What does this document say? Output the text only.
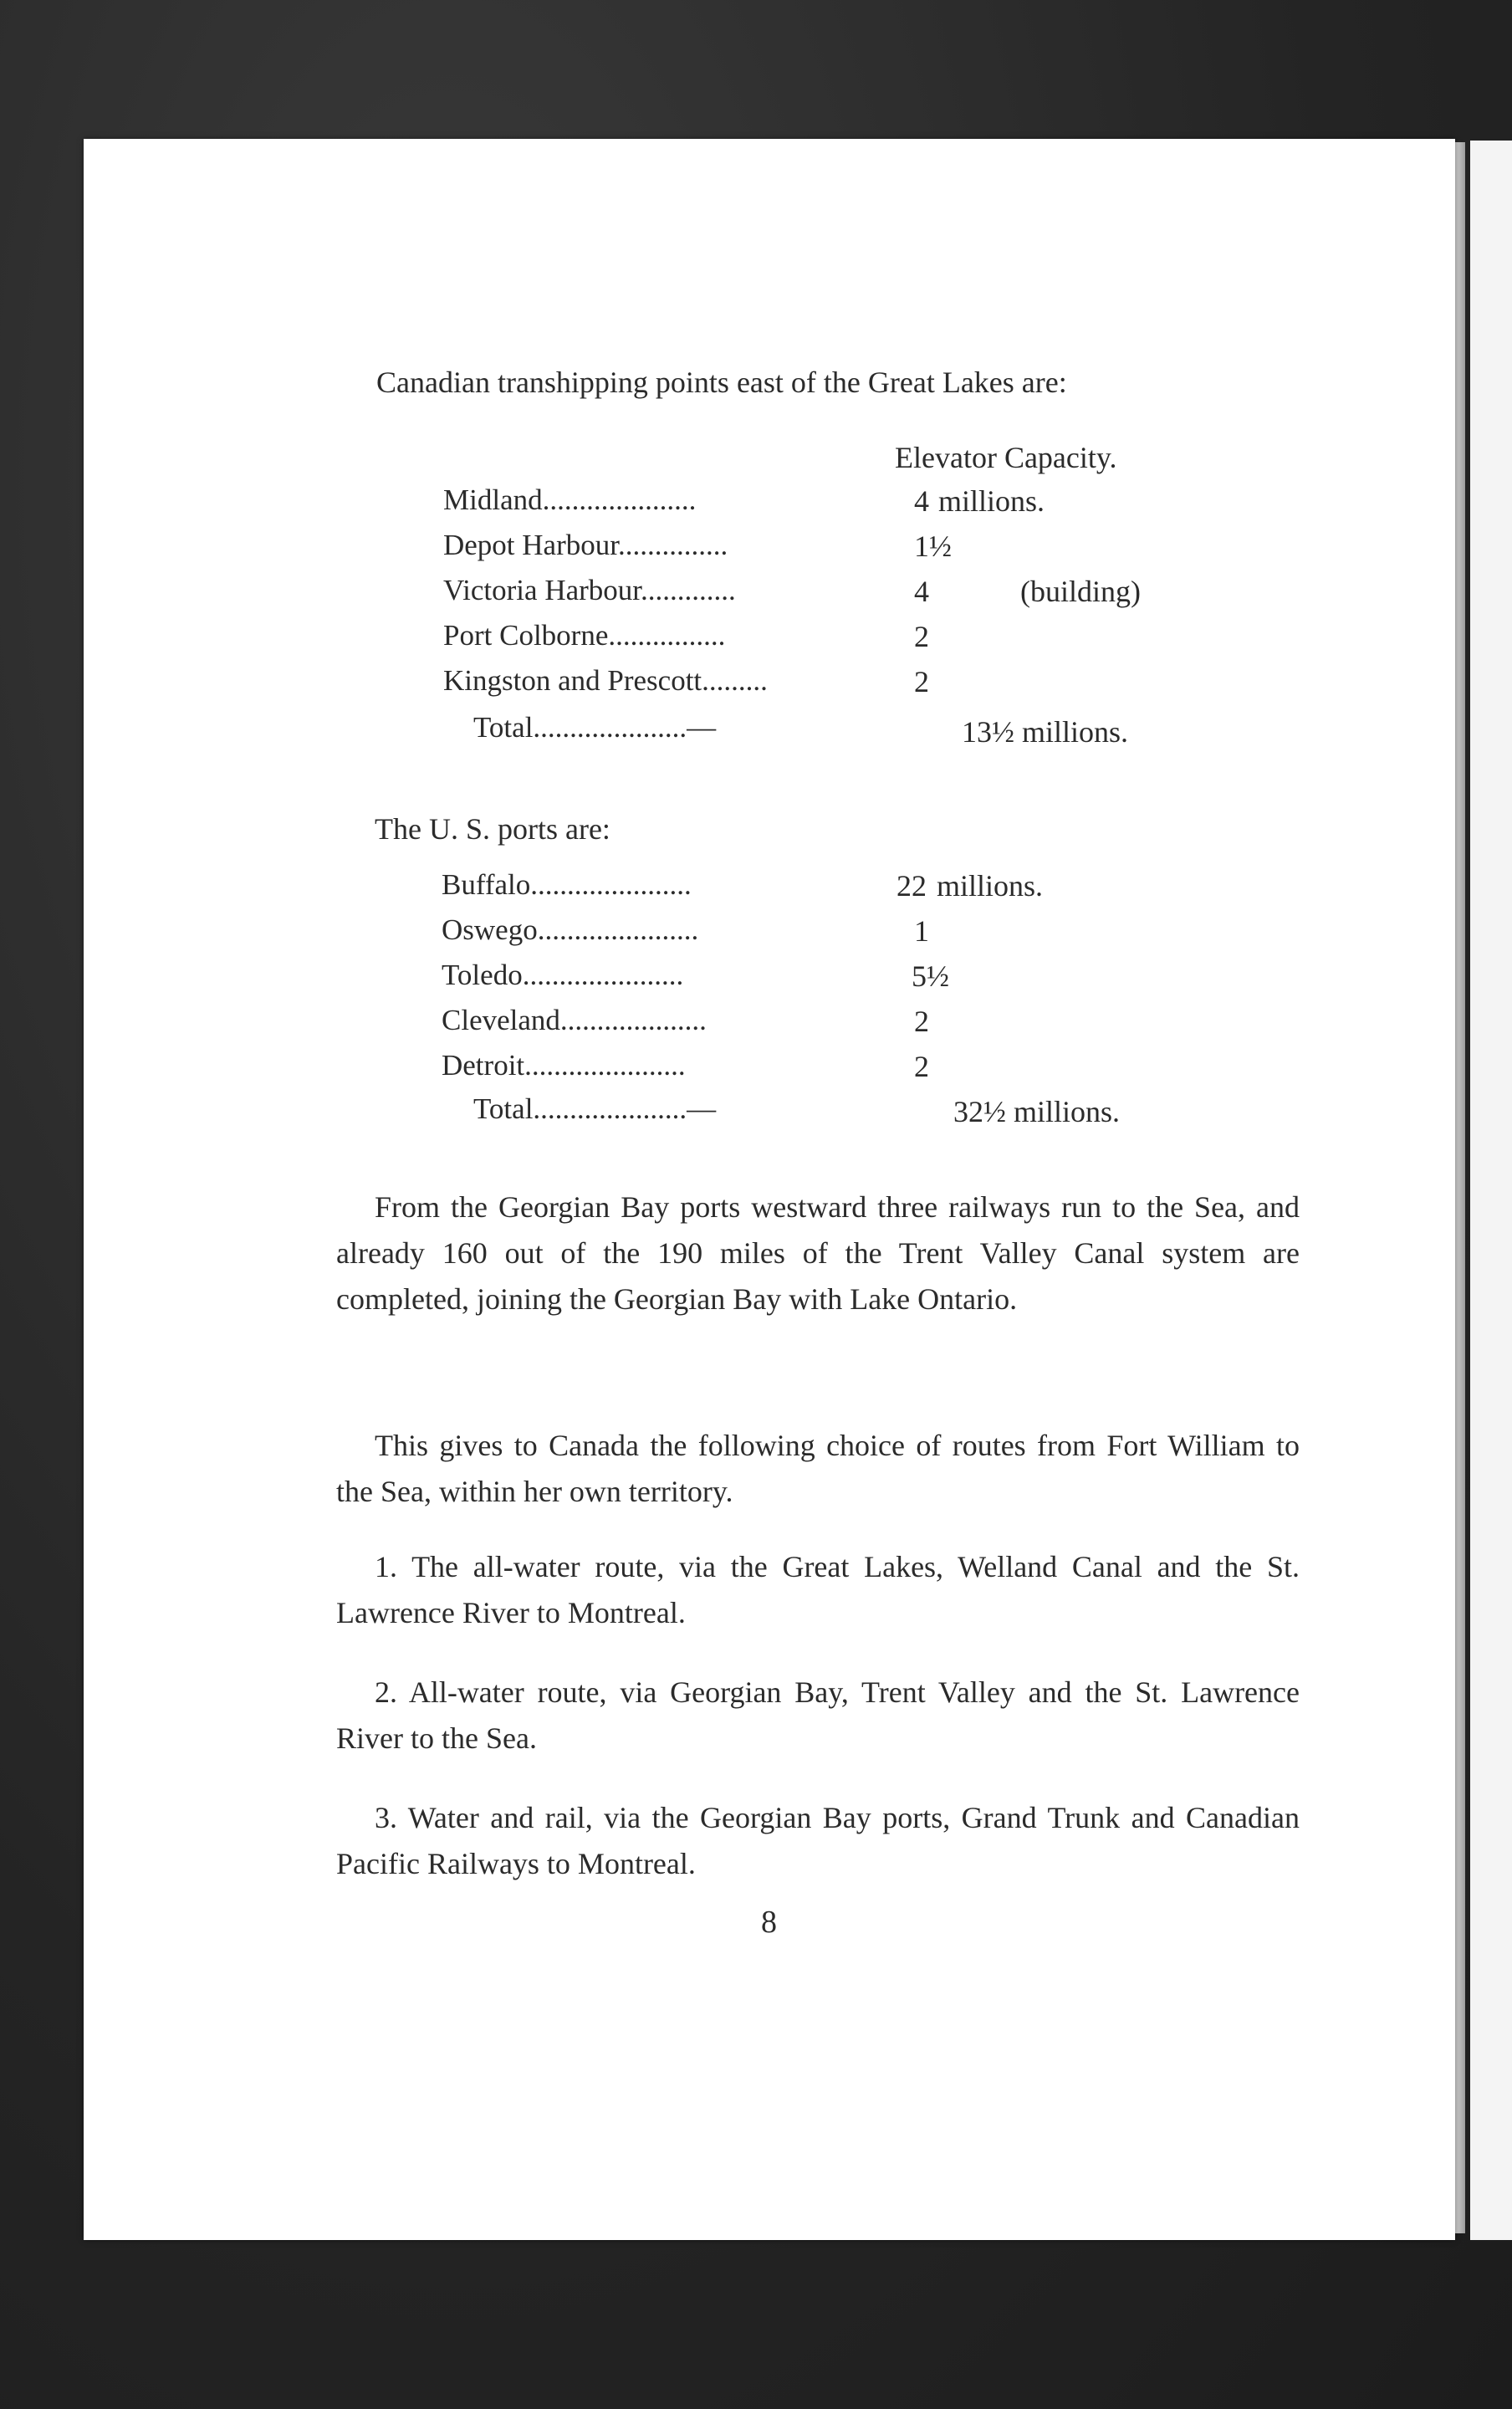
Canadian transhipping points east of the Great Lakes are:
Elevator Capacity.
Midland.....................	4 millions.
Depot Harbour...............	1½
Victoria Harbour.............	4	(building)
Port Colborne................	2
Kingston and Prescott.........	2
Total.....................—	13½ millions.
The U. S. ports are:
Buffalo......................	22 millions.
Oswego......................	1
Toledo......................	5½
Cleveland....................	2
Detroit......................	2
Total.....................—	32½ millions.
From the Georgian Bay ports westward three railways run to the Sea, and already 160 out of the 190 miles of the Trent Valley Canal system are completed, joining the Georgian Bay with Lake Ontario.
This gives to Canada the following choice of routes from Fort William to the Sea, within her own territory.
1. The all-water route, via the Great Lakes, Welland Canal and the St. Lawrence River to Montreal.
2. All-water route, via Georgian Bay, Trent Valley and the St. Lawrence River to the Sea.
3. Water and rail, via the Georgian Bay ports, Grand Trunk and Canadian Pacific Railways to Montreal.
8
